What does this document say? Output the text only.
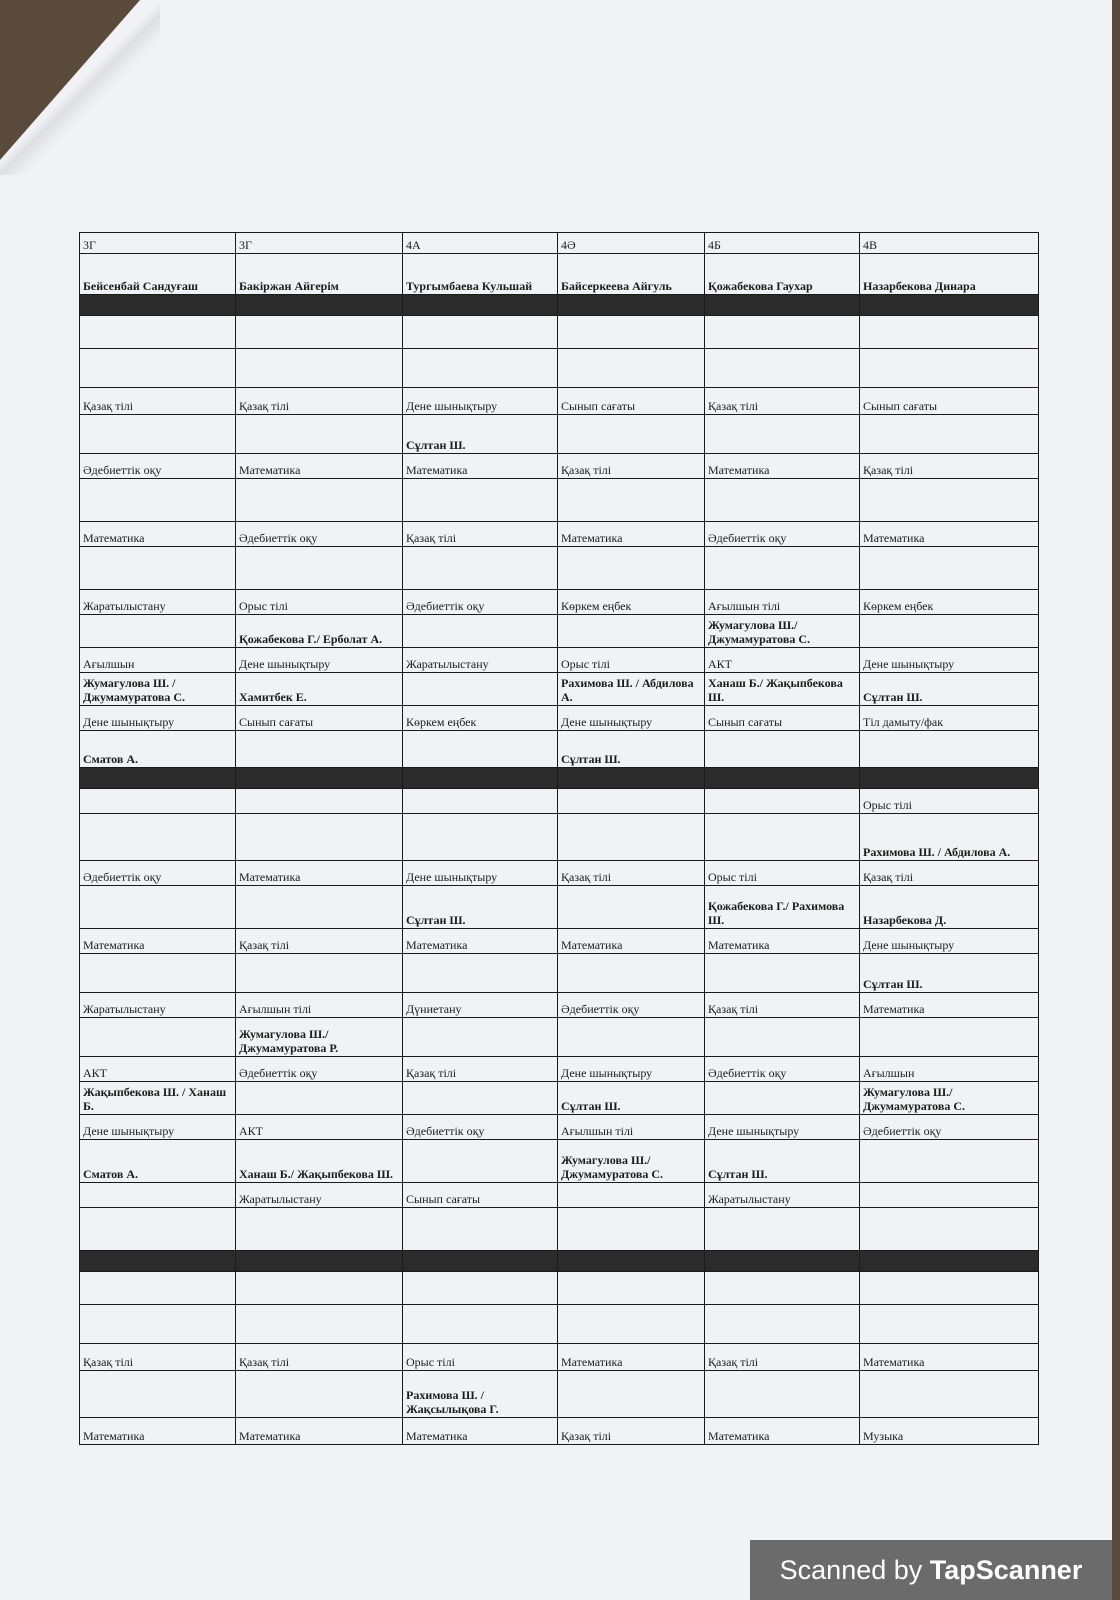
3Г	3Г	4А	4Ә	4Б	4В
Бейсенбай Сандуғаш	Бакіржан Айгерім	Тургымбаева Кульшай	Байсеркеева Айгуль	Қожабекова Гаухар	Назарбекова Динара

Қазақ тілі	Қазақ тілі	Дене шынықтыру	Сынып сағаты	Қазақ тілі	Сынып сағаты
		Сұлтан Ш.			
Әдебиеттік оқу	Математика	Математика	Қазақ тілі	Математика	Қазақ тілі

Математика	Әдебиеттік оқу	Қазақ тілі	Математика	Әдебиеттік оқу	Математика

Жаратылыстану	Орыс тілі	Әдебиеттік оқу	Көркем еңбек	Ағылшын тілі	Көркем еңбек
	Қожабекова Г./ Ерболат А.			Жумагулова Ш./ Джумамуратова С.	
Ағылшын	Дене шынықтыру	Жаратылыстану	Орыс тілі	АКТ	Дене шынықтыру
Жумагулова Ш. / Джумамуратова С.	Хамитбек Е.		Рахимова Ш. / Абдилова А.	Ханаш Б./ Жақыпбекова Ш.	Сұлтан Ш.
Дене шынықтыру	Сынып сағаты	Көркем еңбек	Дене шынықтыру	Сынып сағаты	Тіл дамыту/фак
Сматов А.			Сұлтан Ш.		

					Орыс тілі
					Рахимова Ш. / Абдилова А.
Әдебиеттік оқу	Математика	Дене шынықтыру	Қазақ тілі	Орыс тілі	Қазақ тілі
		Сұлтан Ш.		Қожабекова Г./ Рахимова Ш.	Назарбекова Д.
Математика	Қазақ тілі	Математика	Математика	Математика	Дене шынықтыру
					Сұлтан Ш.
Жаратылыстану	Ағылшын тілі	Дүниетану	Әдебиеттік оқу	Қазақ тілі	Математика
	Жумагулова Ш./ Джумамуратова Р.				
АКТ	Әдебиеттік оқу	Қазақ тілі	Дене шынықтыру	Әдебиеттік оқу	Ағылшын
Жақыпбекова Ш. / Ханаш Б.			Сұлтан Ш.		Жумагулова Ш./ Джумамуратова С.
Дене шынықтыру	АКТ	Әдебиеттік оқу	Ағылшын тілі	Дене шынықтыру	Әдебиеттік оқу
Сматов А.	Ханаш Б./ Жақыпбекова Ш.		Жумагулова Ш./ Джумамуратова С.	Сұлтан Ш.	
	Жаратылыстану	Сынып сағаты		Жаратылыстану	

Қазақ тілі	Қазақ тілі	Орыс тілі	Математика	Қазақ тілі	Математика
		Рахимова Ш. / Жақсылықова Г.			
Математика	Математика	Математика	Қазақ тілі	Математика	Музыка
Scanned by TapScanner
